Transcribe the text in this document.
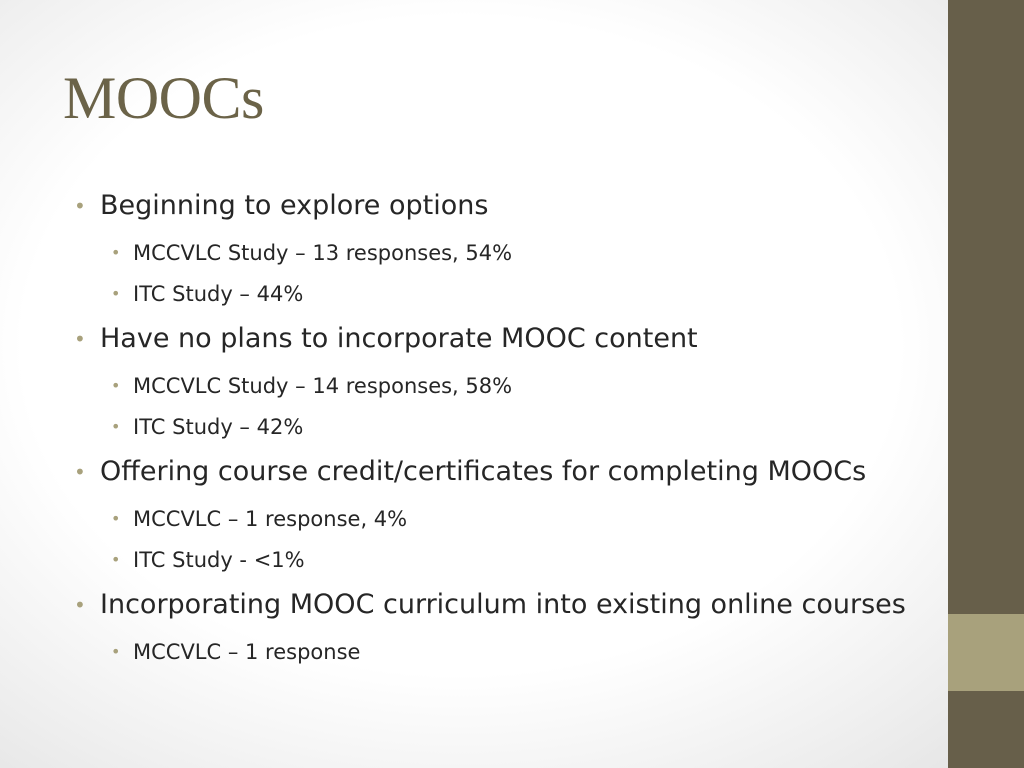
MOOCs
• Beginning to explore options
• MCCVLC Study – 13 responses, 54%
• ITC Study – 44%
• Have no plans to incorporate MOOC content
• MCCVLC Study – 14 responses, 58%
• ITC Study – 42%
• Offering course credit/certificates for completing MOOCs
• MCCVLC – 1 response, 4%
• ITC Study - <1%
• Incorporating MOOC curriculum into existing online courses
• MCCVLC – 1 response
